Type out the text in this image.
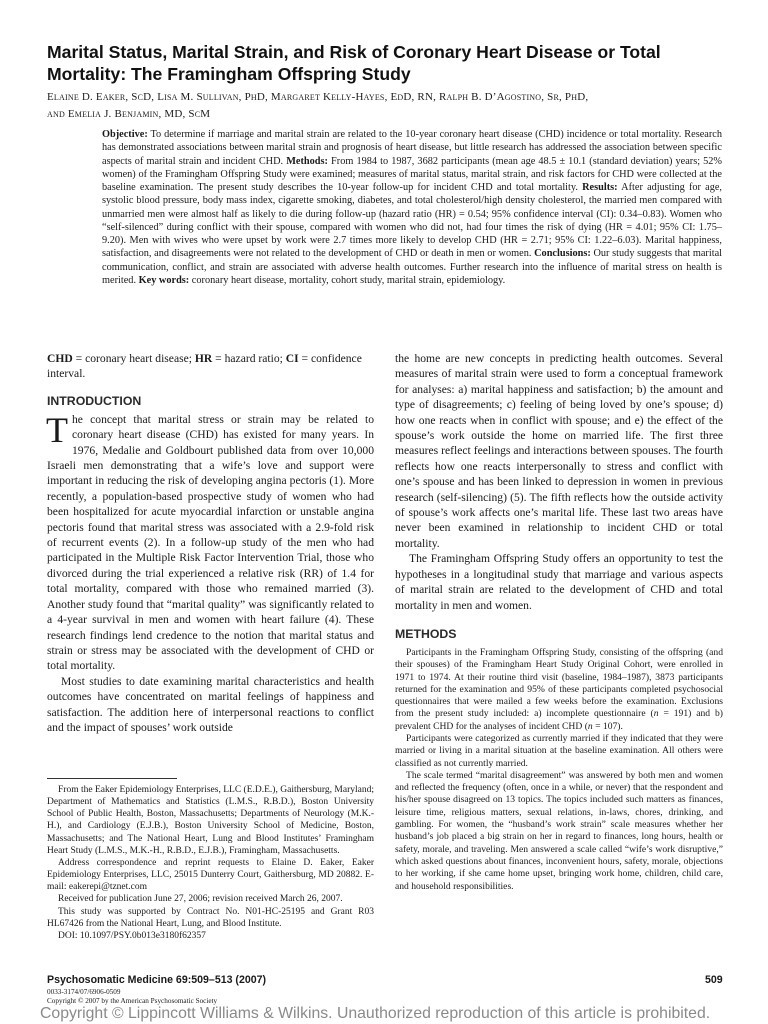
Marital Status, Marital Strain, and Risk of Coronary Heart Disease or Total Mortality: The Framingham Offspring Study
Elaine D. Eaker, ScD, Lisa M. Sullivan, PhD, Margaret Kelly-Hayes, EdD, RN, Ralph B. D’Agostino, Sr, PhD,
and Emelia J. Benjamin, MD, ScM
Objective: To determine if marriage and marital strain are related to the 10-year coronary heart disease (CHD) incidence or total mortality. Research has demonstrated associations between marital strain and prognosis of heart disease, but little research has addressed the association between specific aspects of marital strain and incident CHD. Methods: From 1984 to 1987, 3682 participants (mean age 48.5 ± 10.1 (standard deviation) years; 52% women) of the Framingham Offspring Study were examined; measures of marital status, marital strain, and risk factors for CHD were collected at the baseline examination. The present study describes the 10-year follow-up for incident CHD and total mortality. Results: After adjusting for age, systolic blood pressure, body mass index, cigarette smoking, diabetes, and total cholesterol/high density cholesterol, the married men compared with unmarried men were almost half as likely to die during follow-up (hazard ratio (HR) = 0.54; 95% confidence interval (CI): 0.34–0.83). Women who “self-silenced” during conflict with their spouse, compared with women who did not, had four times the risk of dying (HR = 4.01; 95% CI: 1.75–9.20). Men with wives who were upset by work were 2.7 times more likely to develop CHD (HR = 2.71; 95% CI: 1.22–6.03). Marital happiness, satisfaction, and disagreements were not related to the development of CHD or death in men or women. Conclusions: Our study suggests that marital communication, conflict, and strain are associated with adverse health outcomes. Further research into the influence of marital stress on health is merited. Key words: coronary heart disease, mortality, cohort study, marital strain, epidemiology.

CHD = coronary heart disease; HR = hazard ratio; CI = confidence interval.

INTRODUCTION

The concept that marital stress or strain may be related to coronary heart disease (CHD) has existed for many years. In 1976, Medalie and Goldbourt published data from over 10,000 Israeli men demonstrating that a wife’s love and support were important in reducing the risk of developing angina pectoris (1). More recently, a population-based prospective study of women who had been hospitalized for acute myocardial infarction or unstable angina pectoris found that marital stress was associated with a 2.9-fold risk of recurrent events (2). In a follow-up study of the men who had participated in the Multiple Risk Factor Intervention Trial, those who divorced during the trial experienced a relative risk (RR) of 1.4 for total mortality, compared with those who remained married (3). Another study found that “marital quality” was significantly related to a 4-year survival in men and women with heart failure (4). These research findings lend credence to the notion that marital status and strain or stress may be associated with the development of CHD or total mortality.

Most studies to date examining marital characteristics and health outcomes have concentrated on marital feelings of happiness and satisfaction. The addition here of interpersonal reactions to conflict and the impact of spouses’ work outside

From the Eaker Epidemiology Enterprises, LLC (E.D.E.), Gaithersburg, Maryland; Department of Mathematics and Statistics (L.M.S., R.B.D.), Boston University School of Public Health, Boston, Massachusetts; Departments of Neurology (M.K.-H.), and Cardiology (E.J.B.), Boston University School of Medicine, Boston, Massachusetts; and The National Heart, Lung and Blood Institutes’ Framingham Heart Study (L.M.S., M.K.-H., R.B.D., E.J.B.), Framingham, Massachusetts.

Address correspondence and reprint requests to Elaine D. Eaker, Eaker Epidemiology Enterprises, LLC, 25015 Dunterry Court, Gaithersburg, MD 20882. E-mail: eakerepi@tznet.com

Received for publication June 27, 2006; revision received March 26, 2007.

This study was supported by Contract No. N01-HC-25195 and Grant R03 HL67426 from the National Heart, Lung, and Blood Institute.

DOI: 10.1097/PSY.0b013e3180f62357

the home are new concepts in predicting health outcomes. Several measures of marital strain were used to form a conceptual framework for analyses: a) marital happiness and satisfaction; b) the amount and type of disagreements; c) feeling of being loved by one’s spouse; d) how one reacts when in conflict with spouse; and e) the effect of the spouse’s work outside the home on married life. The first three measures reflect feelings and interactions between spouses. The fourth reflects how one reacts interpersonally to stress and conflict with one’s spouse and has been linked to depression in women in previous research (self-silencing) (5). The fifth reflects how the outside activity of spouse’s work affects one’s marital life. These last two areas have never been examined in relationship to incident CHD or total mortality.

The Framingham Offspring Study offers an opportunity to test the hypotheses in a longitudinal study that marriage and various aspects of marital strain are related to the development of CHD and total mortality in men and women.

METHODS

Participants in the Framingham Offspring Study, consisting of the offspring (and their spouses) of the Framingham Heart Study Original Cohort, were enrolled in 1971 to 1974. At their routine third visit (baseline, 1984–1987), 3873 participants returned for the examination and 95% of these participants completed psychosocial questionnaires that were mailed a few weeks before the examination. Exclusions from the present study included: a) incomplete questionnaire (n = 191) and b) prevalent CHD for the analyses of incident CHD (n = 107).

Participants were categorized as currently married if they indicated that they were married or living in a marital situation at the baseline examination. All others were classified as not currently married.

The scale termed “marital disagreement” was answered by both men and women and reflected the frequency (often, once in a while, or never) that the respondent and his/her spouse disagreed on 13 topics. The topics included such matters as finances, leisure time, religious matters, sexual relations, in-laws, chores, drinking, and gambling. For women, the “husband’s work strain” scale measures whether her husband’s job placed a big strain on her in regard to finances, long hours, health or safety, morale, and traveling. Men answered a scale called “wife’s work disruptive,” which asked questions about finances, inconvenient hours, safety, morale, objections to her working, if she came home upset, bringing work home, children, child care, and household responsibilities.

Psychosomatic Medicine 69:509–513 (2007)	509
0033-3174/07/6906-0509
Copyright © 2007 by the American Psychosomatic Society
Copyright © Lippincott Williams & Wilkins. Unauthorized reproduction of this article is prohibited.
